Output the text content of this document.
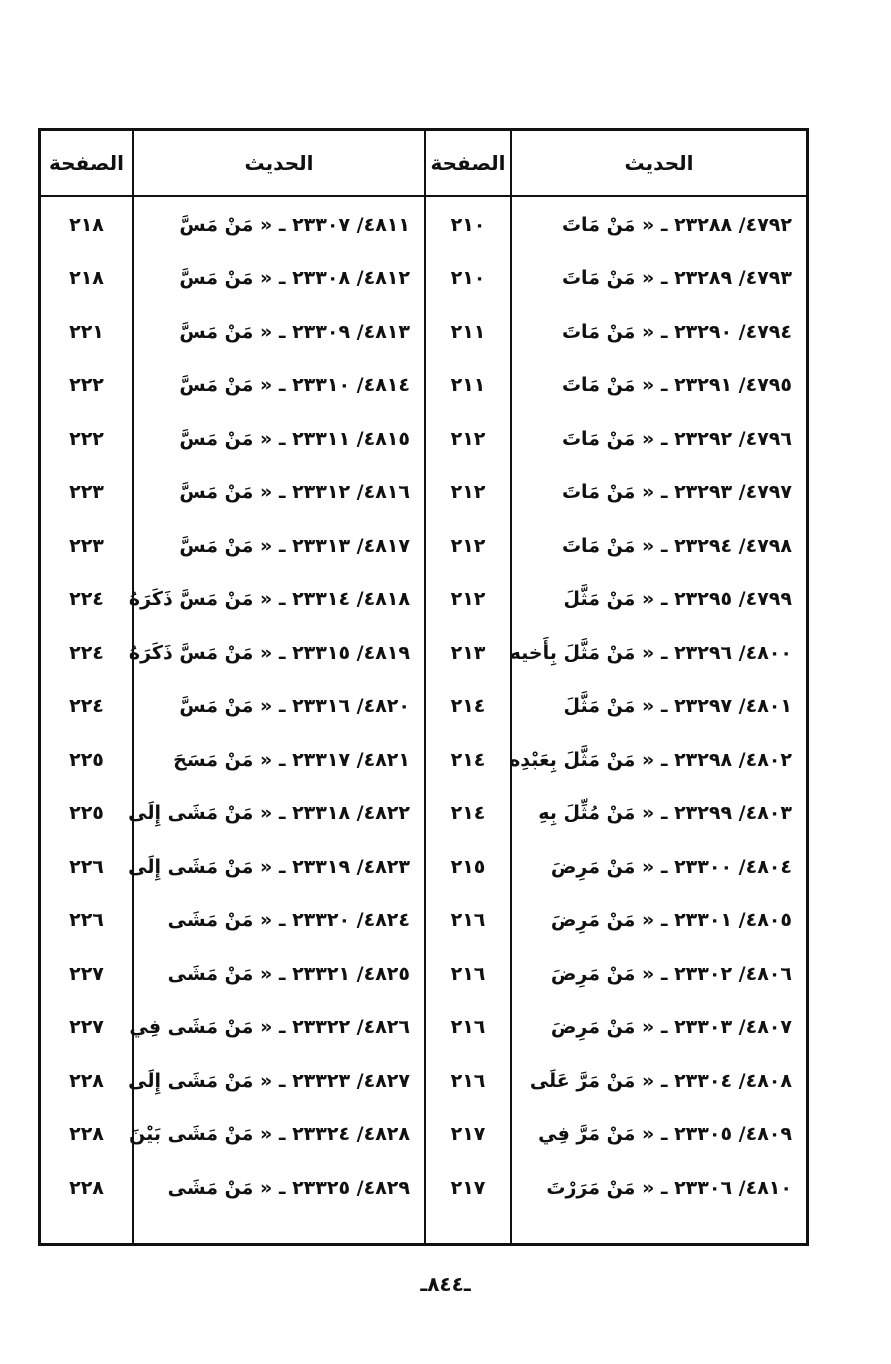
الحديث
الصفحة
الحديث
الصفحة
٤٧٩٢/ ٢٣٢٨٨ ـ « مَنْ مَاتَ
٢١٠
٤٨١١/ ٢٣٣٠٧ ـ « مَنْ مَسَّ
٢١٨
٤٧٩٣/ ٢٣٢٨٩ ـ « مَنْ مَاتَ
٢١٠
٤٨١٢/ ٢٣٣٠٨ ـ « مَنْ مَسَّ
٢١٨
٤٧٩٤/ ٢٣٢٩٠ ـ « مَنْ مَاتَ
٢١١
٤٨١٣/ ٢٣٣٠٩ ـ « مَنْ مَسَّ
٢٢١
٤٧٩٥/ ٢٣٢٩١ ـ « مَنْ مَاتَ
٢١١
٤٨١٤/ ٢٣٣١٠ ـ « مَنْ مَسَّ
٢٢٢
٤٧٩٦/ ٢٣٢٩٢ ـ « مَنْ مَاتَ
٢١٢
٤٨١٥/ ٢٣٣١١ ـ « مَنْ مَسَّ
٢٢٢
٤٧٩٧/ ٢٣٢٩٣ ـ « مَنْ مَاتَ
٢١٢
٤٨١٦/ ٢٣٣١٢ ـ « مَنْ مَسَّ
٢٢٣
٤٧٩٨/ ٢٣٢٩٤ ـ « مَنْ مَاتَ
٢١٢
٤٨١٧/ ٢٣٣١٣ ـ « مَنْ مَسَّ
٢٢٣
٤٧٩٩/ ٢٣٢٩٥ ـ « مَنْ مَثَّلَ
٢١٢
٤٨١٨/ ٢٣٣١٤ ـ « مَنْ مَسَّ ذَكَرَهُ
٢٢٤
٤٨٠٠/ ٢٣٢٩٦ ـ « مَنْ مَثَّلَ بِأَخيه
٢١٣
٤٨١٩/ ٢٣٣١٥ ـ « مَنْ مَسَّ ذَكَرَهُ
٢٢٤
٤٨٠١/ ٢٣٢٩٧ ـ « مَنْ مَثَّلَ
٢١٤
٤٨٢٠/ ٢٣٣١٦ ـ « مَنْ مَسَّ
٢٢٤
٤٨٠٢/ ٢٣٢٩٨ ـ « مَنْ مَثَّلَ بِعَبْدِه
٢١٤
٤٨٢١/ ٢٣٣١٧ ـ « مَنْ مَسَحَ
٢٢٥
٤٨٠٣/ ٢٣٢٩٩ ـ « مَنْ مُثِّلَ بِهِ
٢١٤
٤٨٢٢/ ٢٣٣١٨ ـ « مَنْ مَشَى إِلَى
٢٢٥
٤٨٠٤/ ٢٣٣٠٠ ـ « مَنْ مَرِضَ
٢١٥
٤٨٢٣/ ٢٣٣١٩ ـ « مَنْ مَشَى إِلَى
٢٢٦
٤٨٠٥/ ٢٣٣٠١ ـ « مَنْ مَرِضَ
٢١٦
٤٨٢٤/ ٢٣٣٢٠ ـ « مَنْ مَشَى
٢٢٦
٤٨٠٦/ ٢٣٣٠٢ ـ « مَنْ مَرِضَ
٢١٦
٤٨٢٥/ ٢٣٣٢١ ـ « مَنْ مَشَى
٢٢٧
٤٨٠٧/ ٢٣٣٠٣ ـ « مَنْ مَرِضَ
٢١٦
٤٨٢٦/ ٢٣٣٢٢ ـ « مَنْ مَشَى فِي
٢٢٧
٤٨٠٨/ ٢٣٣٠٤ ـ « مَنْ مَرَّ عَلَى
٢١٦
٤٨٢٧/ ٢٣٣٢٣ ـ « مَنْ مَشَى إِلَى
٢٢٨
٤٨٠٩/ ٢٣٣٠٥ ـ « مَنْ مَرَّ فِي
٢١٧
٤٨٢٨/ ٢٣٣٢٤ ـ « مَنْ مَشَى بَيْنَ
٢٢٨
٤٨١٠/ ٢٣٣٠٦ ـ « مَنْ مَرَرْتَ
٢١٧
٤٨٢٩/ ٢٣٣٢٥ ـ « مَنْ مَشَى
٢٢٨
ـ٨٤٤ـ
